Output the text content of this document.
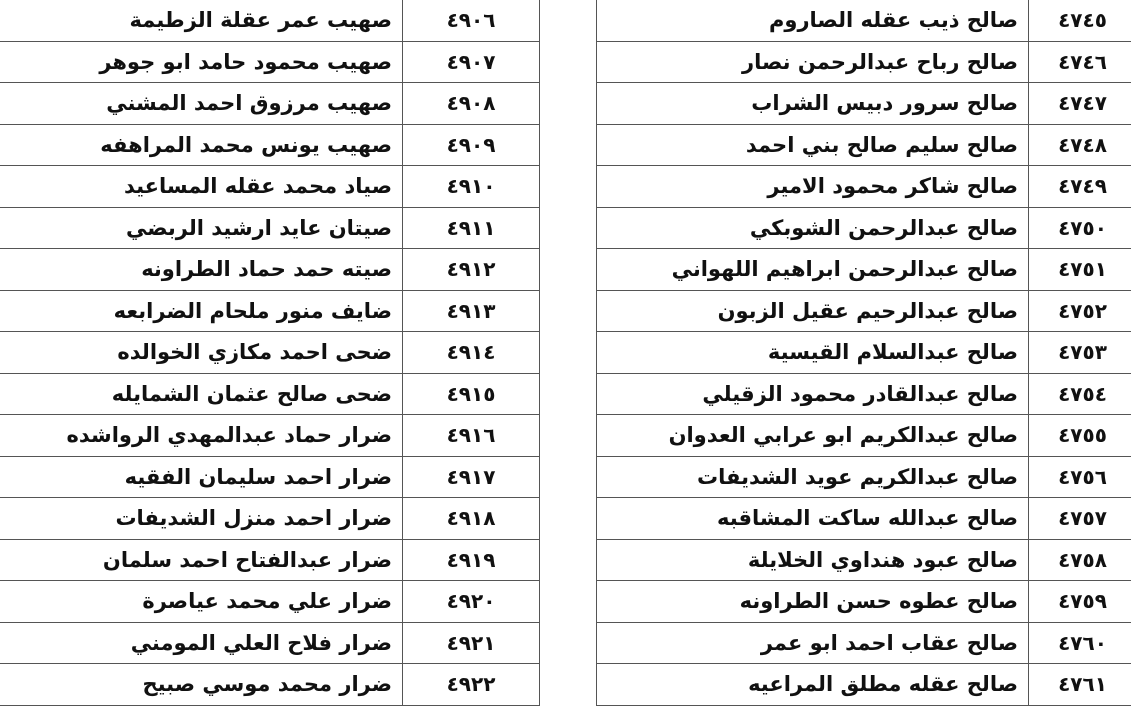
٤٧٤٥	صالح ذيب عقله الصاروم
٤٧٤٦	صالح رباح عبدالرحمن نصار
٤٧٤٧	صالح سرور دبيس الشراب
٤٧٤٨	صالح سليم صالح بني احمد
٤٧٤٩	صالح شاكر محمود الامير
٤٧٥٠	صالح عبدالرحمن الشوبكي
٤٧٥١	صالح عبدالرحمن ابراهيم اللهواني
٤٧٥٢	صالح عبدالرحيم عقيل الزبون
٤٧٥٣	صالح عبدالسلام القيسية
٤٧٥٤	صالح عبدالقادر محمود الزقيلي
٤٧٥٥	صالح عبدالكريم ابو عرابي العدوان
٤٧٥٦	صالح عبدالكريم عويد الشديفات
٤٧٥٧	صالح عبدالله ساكت المشاقبه
٤٧٥٨	صالح عبود هنداوي الخلايلة
٤٧٥٩	صالح عطوه حسن الطراونه
٤٧٦٠	صالح عقاب احمد ابو عمر
٤٧٦١	صالح عقله مطلق المراعيه
٤٩٠٦	صهيب عمر عقلة الزطيمة
٤٩٠٧	صهيب محمود حامد ابو جوهر
٤٩٠٨	صهيب مرزوق احمد المشني
٤٩٠٩	صهيب يونس محمد المراهفه
٤٩١٠	صياد محمد عقله المساعيد
٤٩١١	صيتان عايد ارشيد الربضي
٤٩١٢	صيته حمد حماد الطراونه
٤٩١٣	ضايف منور ملحام الضرابعه
٤٩١٤	ضحى احمد مكازي الخوالده
٤٩١٥	ضحى صالح عثمان الشمايله
٤٩١٦	ضرار حماد عبدالمهدي الرواشده
٤٩١٧	ضرار احمد سليمان الفقيه
٤٩١٨	ضرار احمد منزل الشديفات
٤٩١٩	ضرار عبدالفتاح احمد سلمان
٤٩٢٠	ضرار علي محمد عياصرة
٤٩٢١	ضرار فلاح العلي المومني
٤٩٢٢	ضرار محمد موسي صبيح
